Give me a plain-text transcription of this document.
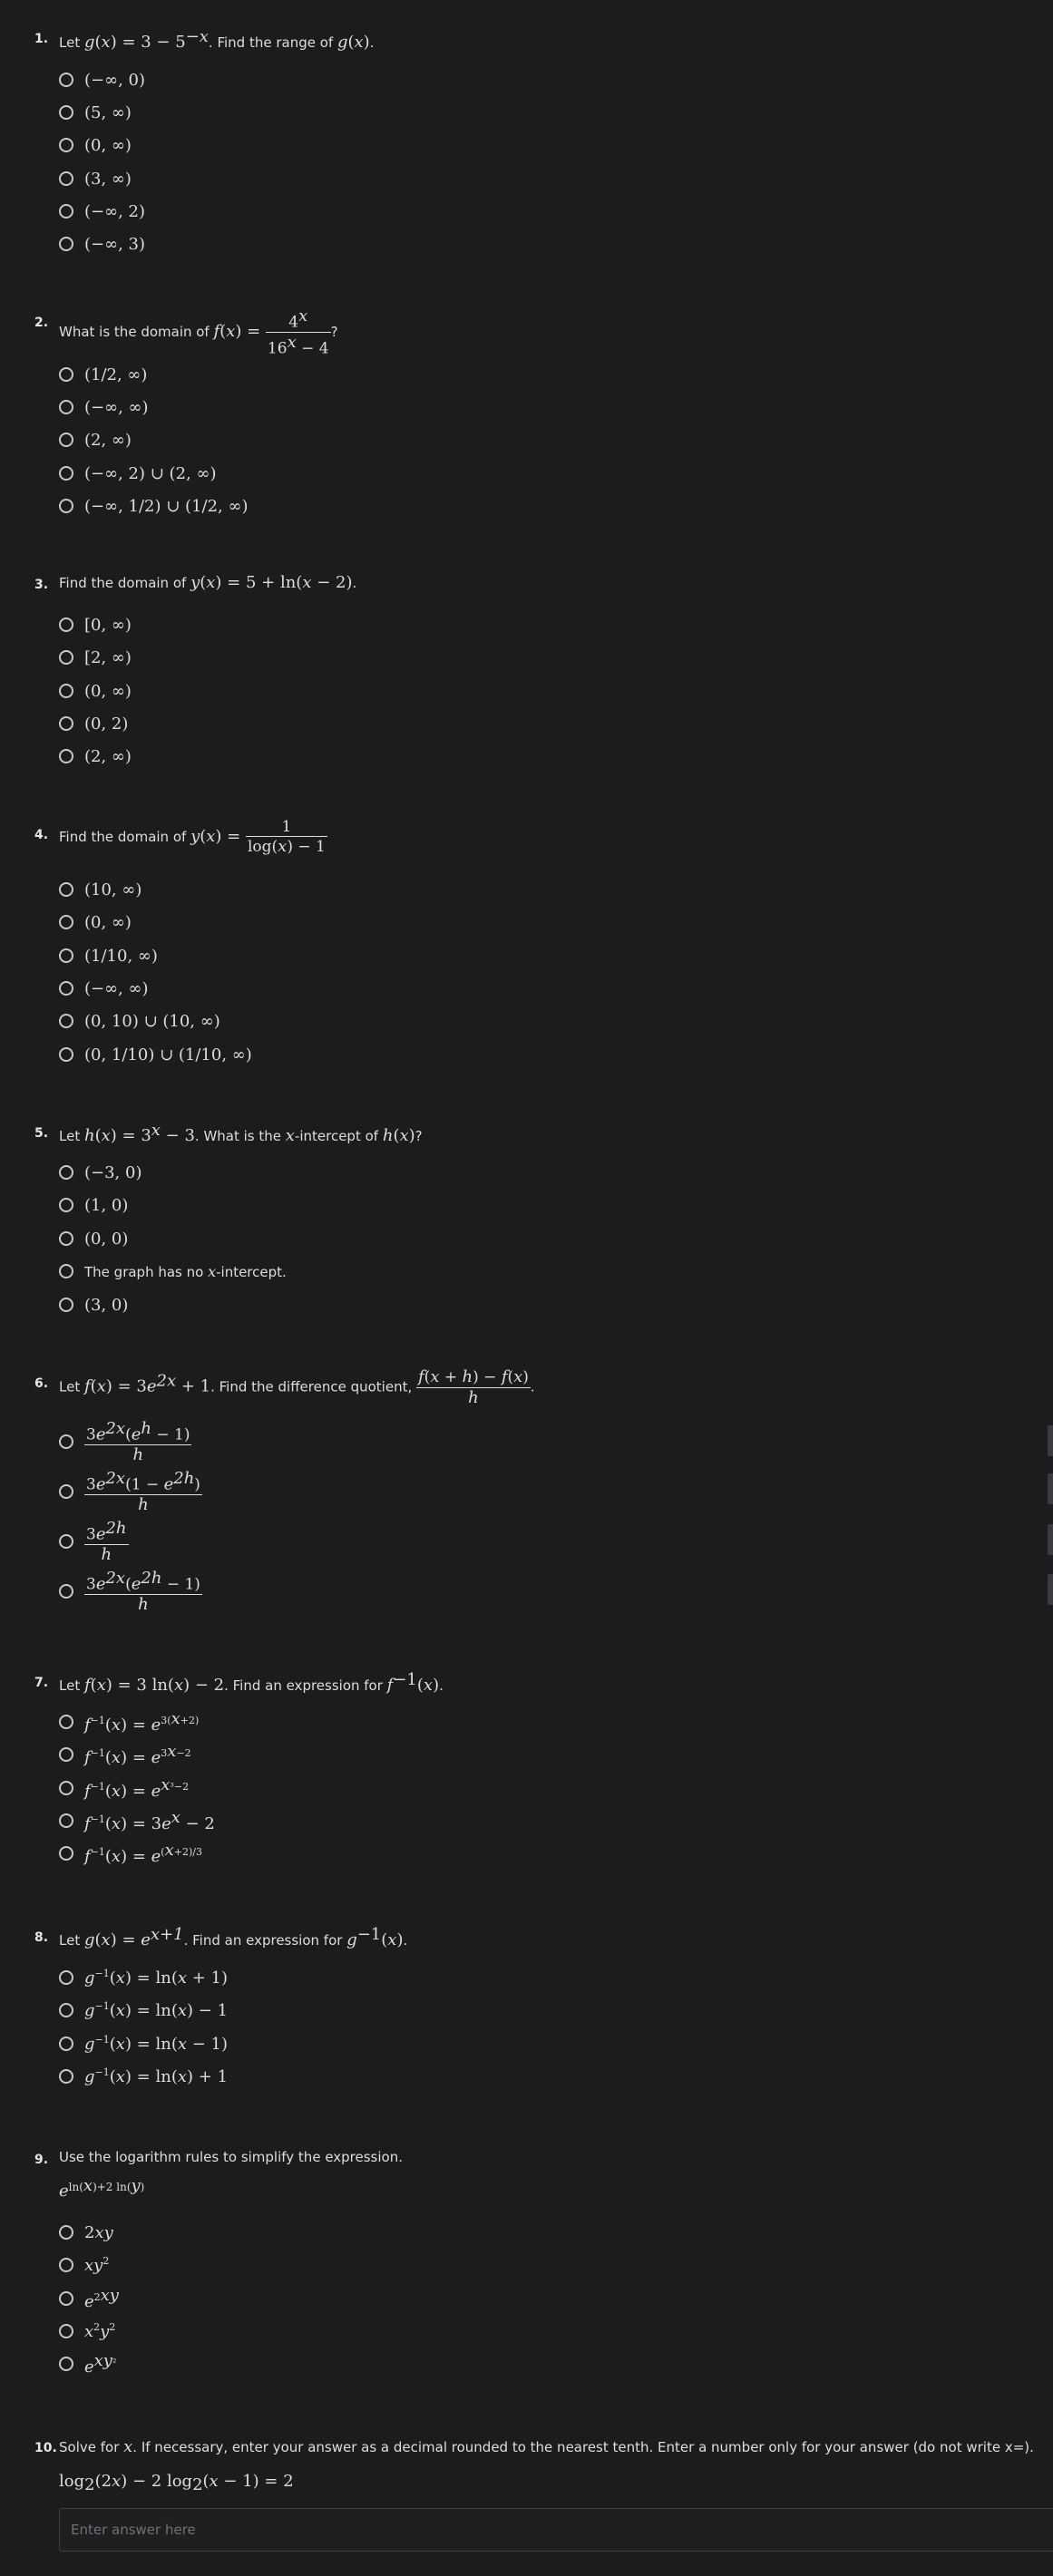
1. Let $g(x) = 3 - 5^{-x}$. Find the range of g(x).
(−∞, 0)
(5, ∞)
(0, ∞)
(3, ∞)
(−∞, 2)
(−∞, 3)
2.
What is the domain of $f(x) = \frac{4^x}{16^x - 4}$ ?
(1/2, ∞)
(−∞, ∞)
(2, ∞)
(−∞, 2) ∪ (2, ∞)
(−∞, 1/2) ∪ (1/2, ∞)
3. Find the domain of y(x) = 5 + ln(x − 2).
[0, ∞)
[2, ∞)
(0, ∞)
(0, 2)
(2, ∞)
4. Find the domain of $y(x) = \frac{1}{\log(x) - 1}$
(10, ∞)
(0, ∞)
(1/10, ∞)
(−∞, ∞)
(0, 10) ∪ (10, ∞)
(0, 1/10) ∪ (1/10, ∞)
5. Let $h(x) = 3^x - 3$. What is the x-intercept of h(x)?
(−3, 0)
(1, 0)
(0, 0)
The graph has no x-intercept.
(3, 0)
6. Let $f(x) = 3e^{2x} + 1$. Find the difference quotient, $\frac{f(x + h) - f(x)}{h}$ .
$\frac{3e^{2x}(e^h - 1)}{h}$
$\frac{3e^{2x}(1 - e^{2h})}{h}$
$\frac{3e^{2h}}{h}$
$\frac{3e^{2x}(e^{2h} - 1)}{h}$
7. Let f(x) = 3 ln(x) − 2. Find an expression for $f^{-1}(x)$.
$f^{-1}(x) = e^{3(x+2)}$
$f^{-1}(x) = e^{3x-2}$
$f^{-1}(x) = e^{x^3-2}$
$f^{-1}(x) = 3e^x - 2$
$f^{-1}(x) = e^{(x+2)/3}$
8. Let $g(x) = e^{x+1}$. Find an expression for $g^{-1}(x)$.
$g^{-1}(x) = \ln(x + 1)$
$g^{-1}(x) = \ln(x) - 1$
$g^{-1}(x) = \ln(x - 1)$
$g^{-1}(x) = \ln(x) + 1$
9. Use the logarithm rules to simplify the expression.
$e^{ln(x)+2 ln(y)}$
2xy
$xy^2$
$e^{2xy}$
$x^2y^2$
$e^{xy^2}$
10. Solve for x. If necessary, enter your answer as a decimal rounded to the nearest tenth. Enter a number only for your answer (do not write x=).
$\log_2(2x) - 2$ $\log_2(x - 1) = 2$
Enter answer here
